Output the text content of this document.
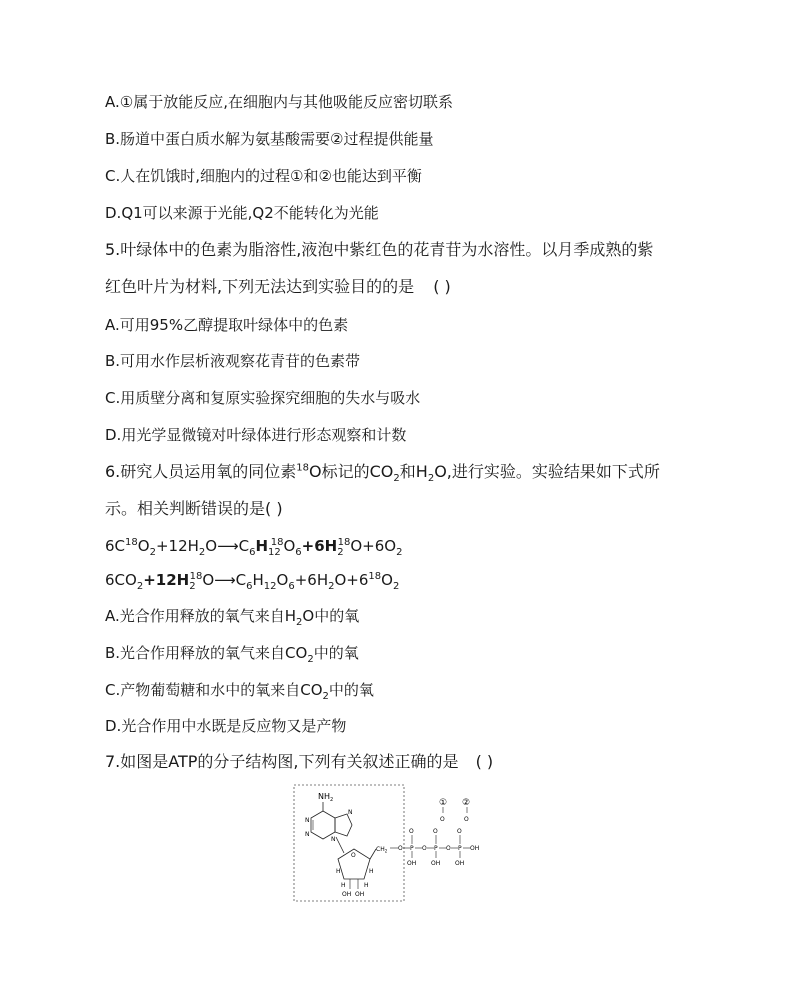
A.①属于放能反应,在细胞内与其他吸能反应密切联系
B.肠道中蛋白质水解为氨基酸需要②过程提供能量
C.人在饥饿时,细胞内的过程①和②也能达到平衡
D.Q1可以来源于光能,Q2不能转化为光能
5.叶绿体中的色素为脂溶性,液泡中紫红色的花青苷为水溶性。以月季成熟的紫
红色叶片为材料,下列无法达到实验目的的是 ( )
A.可用95%乙醇提取叶绿体中的色素
B.可用水作层析液观察花青苷的色素带
C.用质壁分离和复原实验探究细胞的失水与吸水
D.用光学显微镜对叶绿体进行形态观察和计数
6.研究人员运用氧的同位素$^{18}$O标记的$CO_2$和$H_2O$,进行实验。实验结果如下式所
示。相关判断错误的是( )
$6C^{18}O_2+12H_2O⟶C_6H_{12}^{18}O_6+6H_2^{18}O+6O_2$
$6CO_2+12H_2^{18}O⟶C_6H_{12}O_6+6H_2O+6^{18}O_2$
A.光合作用释放的氧气来自$H_2O$中的氧
B.光合作用释放的氧气来自$CO_2$中的氧
C.产物葡萄糖和水中的氧来自$CO_2$中的氧
D.光合作用中水既是反应物又是产物
7.如图是ATP的分子结构图,下列有关叙述正确的是 ( )
$NH_2$
N
N
N
N
O
H	H
H	H
OH OH
$CH_2$ O P
O
OH
O P
O
OH
O P
O
OH
OH
①
O
②
O
